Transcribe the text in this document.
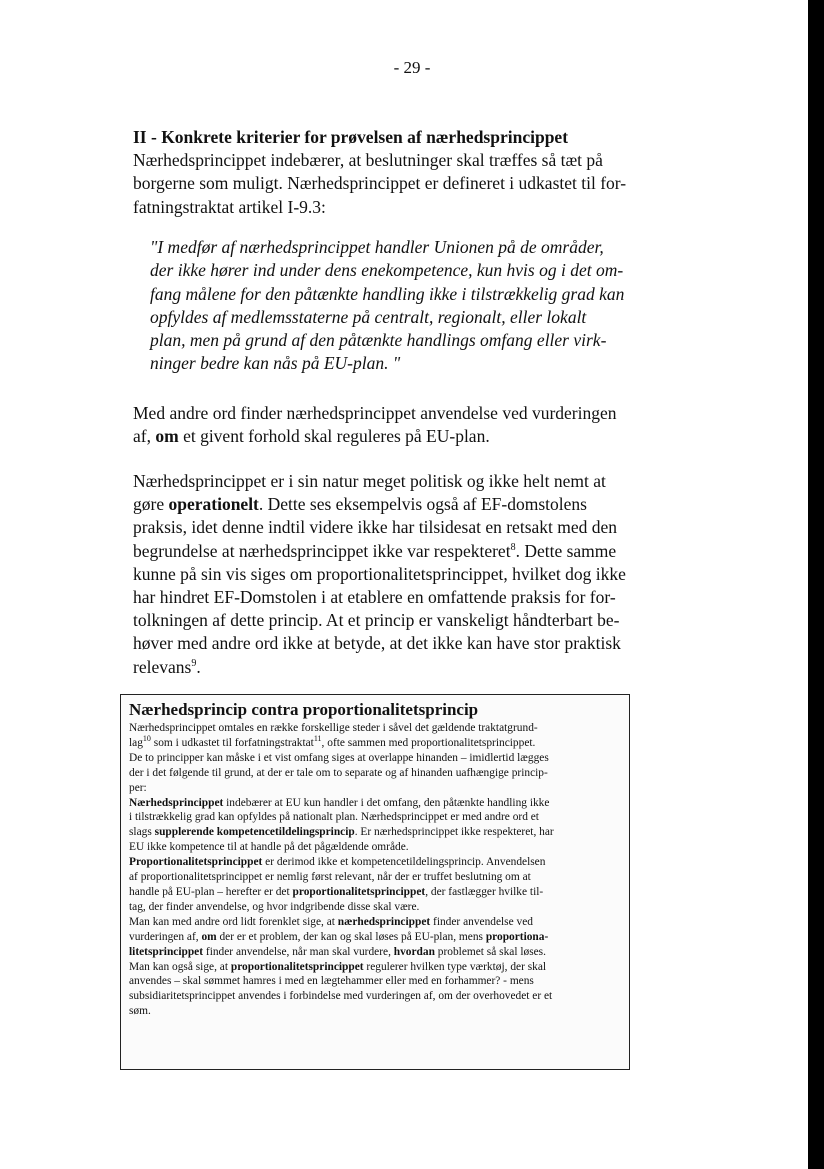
- 29 -
II - Konkrete kriterier for prøvelsen af nærhedsprincippet
Nærhedsprincippet indebærer, at beslutninger skal træffes så tæt på
borgerne som muligt. Nærhedsprincippet er defineret i udkastet til for-
fatningstraktat artikel I-9.3:
"I medfør af nærhedsprincippet handler Unionen på de områder,
der ikke hører ind under dens enekompetence, kun hvis og i det om-
fang målene for den påtænkte handling ikke i tilstrækkelig grad kan
opfyldes af medlemsstaterne på centralt, regionalt, eller lokalt
plan, men på grund af den påtænkte handlings omfang eller virk-
ninger bedre kan nås på EU-plan. "
Med andre ord finder nærhedsprincippet anvendelse ved vurderingen
af, om et givent forhold skal reguleres på EU-plan.
Nærhedsprincippet er i sin natur meget politisk og ikke helt nemt at
gøre operationelt. Dette ses eksempelvis også af EF-domstolens
praksis, idet denne indtil videre ikke har tilsidesat en retsakt med den
begrundelse at nærhedsprincippet ikke var respekteret$^8$. Dette samme
kunne på sin vis siges om proportionalitetsprincippet, hvilket dog ikke
har hindret EF-Domstolen i at etablere en omfattende praksis for for-
tolkningen af dette princip. At et princip er vanskeligt håndterbart be-
høver med andre ord ikke at betyde, at det ikke kan have stor praktisk
relevans$^9$.
Nærhedsprincip contra proportionalitetsprincip
Nærhedsprincippet omtales en række forskellige steder i såvel det gældende traktatgrund-
lag$^{10}$ som i udkastet til forfatningstraktat$^{11}$, ofte sammen med proportionalitetsprincippet.
De to principper kan måske i et vist omfang siges at overlappe hinanden – imidlertid lægges
der i det følgende til grund, at der er tale om to separate og af hinanden uafhængige princip-
per:
Nærhedsprincippet indebærer at EU kun handler i det omfang, den påtænkte handling ikke
i tilstrækkelig grad kan opfyldes på nationalt plan. Nærhedsprincippet er med andre ord et
slags supplerende kompetencetildelingsprincip. Er nærhedsprincippet ikke respekteret, har
EU ikke kompetence til at handle på det pågældende område.
Proportionalitetsprincippet er derimod ikke et kompetencetildelingsprincip. Anvendelsen
af proportionalitetsprincippet er nemlig først relevant, når der er truffet beslutning om at
handle på EU-plan – herefter er det proportionalitetsprincippet, der fastlægger hvilke til-
tag, der finder anvendelse, og hvor indgribende disse skal være.
Man kan med andre ord lidt forenklet sige, at nærhedsprincippet finder anvendelse ved
vurderingen af, om der er et problem, der kan og skal løses på EU-plan, mens proportiona-
litetsprincippet finder anvendelse, når man skal vurdere, hvordan problemet så skal løses.
Man kan også sige, at proportionalitetsprincippet regulerer hvilken type værktøj, der skal
anvendes – skal sømmet hamres i med en lægtehammer eller med en forhammer? - mens
subsidiaritetsprincippet anvendes i forbindelse med vurderingen af, om der overhovedet er et
søm.
